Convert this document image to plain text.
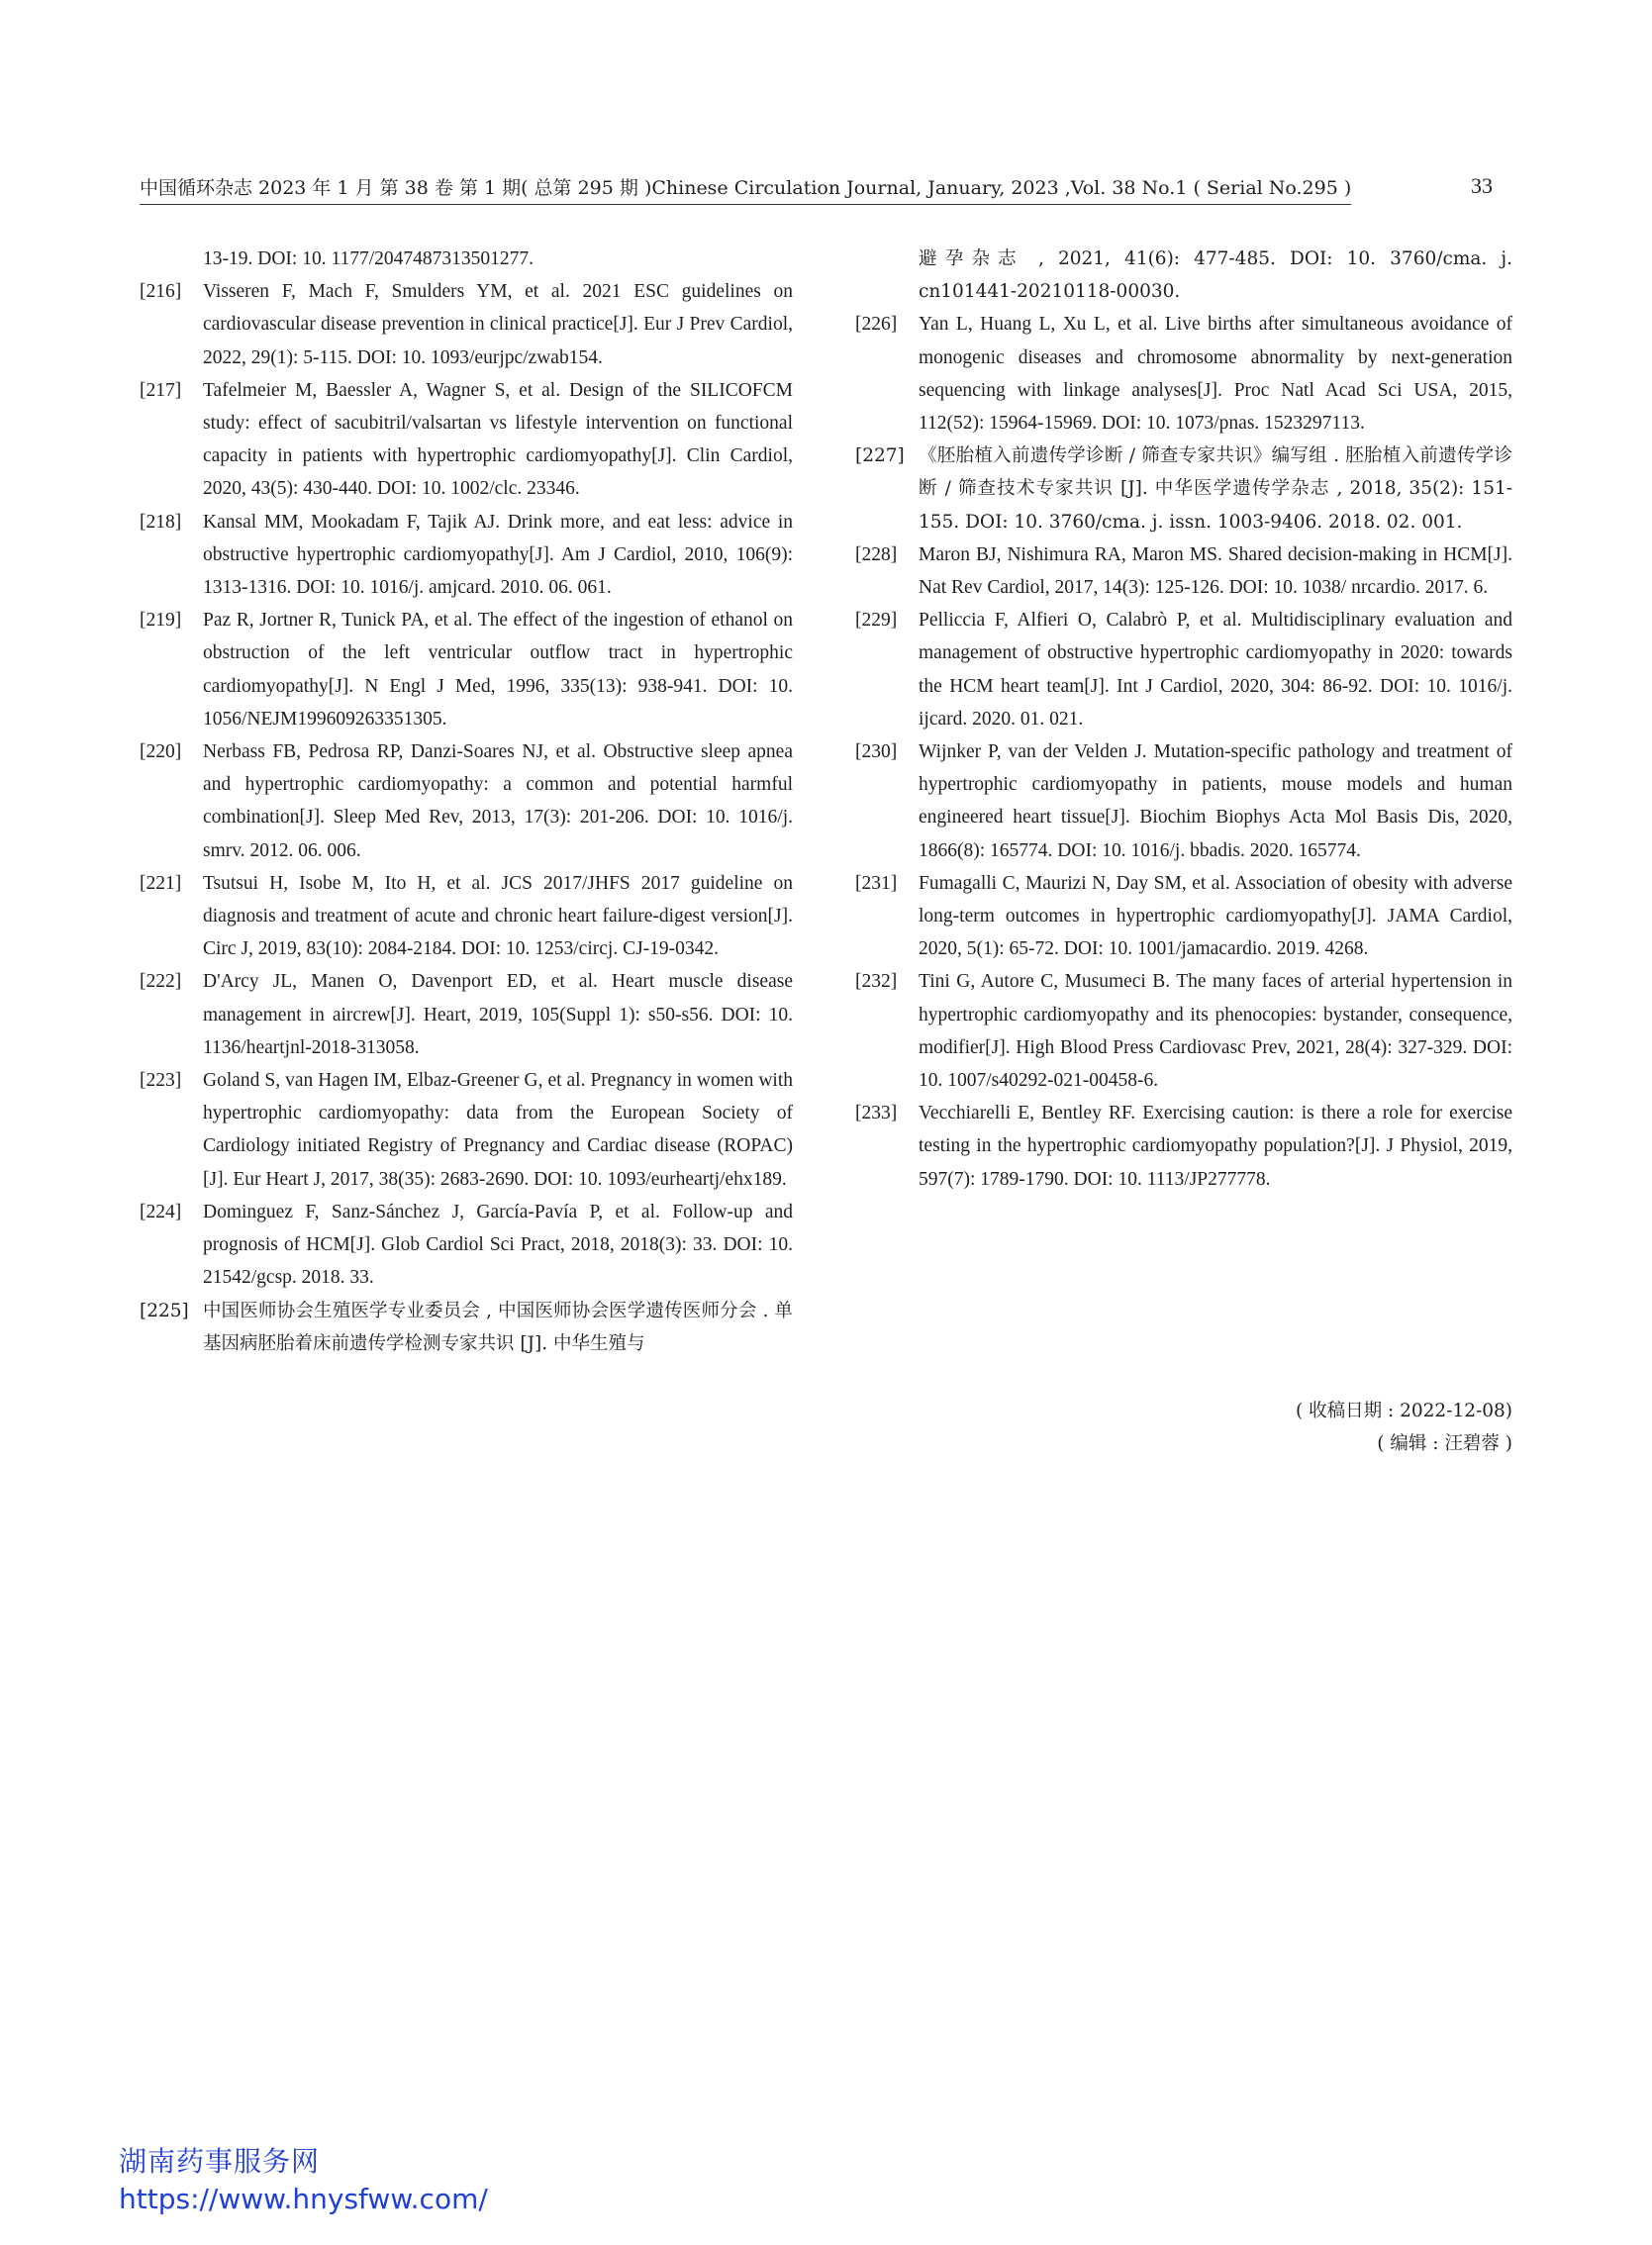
中国循环杂志 2023 年 1 月 第 38 卷 第 1 期( 总第 295 期 )Chinese Circulation Journal, January, 2023 ,Vol. 38 No.1 ( Serial No.295 )	33
13-19. DOI: 10. 1177/2047487313501277.
[216] Visseren F, Mach F, Smulders YM, et al. 2021 ESC guidelines on cardiovascular disease prevention in clinical practice[J]. Eur J Prev Cardiol, 2022, 29(1): 5-115. DOI: 10. 1093/eurjpc/zwab154.
[217] Tafelmeier M, Baessler A, Wagner S, et al. Design of the SILICOFCM study: effect of sacubitril/valsartan vs lifestyle intervention on functional capacity in patients with hypertrophic cardiomyopathy[J]. Clin Cardiol, 2020, 43(5): 430-440. DOI: 10. 1002/clc. 23346.
[218] Kansal MM, Mookadam F, Tajik AJ. Drink more, and eat less: advice in obstructive hypertrophic cardiomyopathy[J]. Am J Cardiol, 2010, 106(9): 1313-1316. DOI: 10. 1016/j. amjcard. 2010. 06. 061.
[219] Paz R, Jortner R, Tunick PA, et al. The effect of the ingestion of ethanol on obstruction of the left ventricular outflow tract in hypertrophic cardiomyopathy[J]. N Engl J Med, 1996, 335(13): 938-941. DOI: 10. 1056/NEJM199609263351305.
[220] Nerbass FB, Pedrosa RP, Danzi-Soares NJ, et al. Obstructive sleep apnea and hypertrophic cardiomyopathy: a common and potential harmful combination[J]. Sleep Med Rev, 2013, 17(3): 201-206. DOI: 10. 1016/j. smrv. 2012. 06. 006.
[221] Tsutsui H, Isobe M, Ito H, et al. JCS 2017/JHFS 2017 guideline on diagnosis and treatment of acute and chronic heart failure-digest version[J]. Circ J, 2019, 83(10): 2084-2184. DOI: 10. 1253/circj. CJ-19-0342.
[222] D'Arcy JL, Manen O, Davenport ED, et al. Heart muscle disease management in aircrew[J]. Heart, 2019, 105(Suppl 1): s50-s56. DOI: 10. 1136/heartjnl-2018-313058.
[223] Goland S, van Hagen IM, Elbaz-Greener G, et al. Pregnancy in women with hypertrophic cardiomyopathy: data from the European Society of Cardiology initiated Registry of Pregnancy and Cardiac disease (ROPAC)[J]. Eur Heart J, 2017, 38(35): 2683-2690. DOI: 10. 1093/eurheartj/ehx189.
[224] Dominguez F, Sanz-Sánchez J, García-Pavía P, et al. Follow-up and prognosis of HCM[J]. Glob Cardiol Sci Pract, 2018, 2018(3): 33. DOI: 10. 21542/gcsp. 2018. 33.
[225] 中国医师协会生殖医学专业委员会 , 中国医师协会医学遗传医师分会 . 单基因病胚胎着床前遗传学检测专家共识 [J]. 中华生殖与
避孕杂志 , 2021, 41(6): 477-485. DOI: 10. 3760/cma. j. cn101441-20210118-00030.
[226] Yan L, Huang L, Xu L, et al. Live births after simultaneous avoidance of monogenic diseases and chromosome abnormality by next-generation sequencing with linkage analyses[J]. Proc Natl Acad Sci USA, 2015, 112(52): 15964-15969. DOI: 10. 1073/pnas. 1523297113.
[227] 《胚胎植入前遗传学诊断 / 筛查专家共识》编写组 . 胚胎植入前遗传学诊断 / 筛查技术专家共识 [J]. 中华医学遗传学杂志 , 2018, 35(2): 151-155. DOI: 10. 3760/cma. j. issn. 1003-9406. 2018. 02. 001.
[228] Maron BJ, Nishimura RA, Maron MS. Shared decision-making in HCM[J]. Nat Rev Cardiol, 2017, 14(3): 125-126. DOI: 10. 1038/ nrcardio. 2017. 6.
[229] Pelliccia F, Alfieri O, Calabrò P, et al. Multidisciplinary evaluation and management of obstructive hypertrophic cardiomyopathy in 2020: towards the HCM heart team[J]. Int J Cardiol, 2020, 304: 86-92. DOI: 10. 1016/j. ijcard. 2020. 01. 021.
[230] Wijnker P, van der Velden J. Mutation-specific pathology and treatment of hypertrophic cardiomyopathy in patients, mouse models and human engineered heart tissue[J]. Biochim Biophys Acta Mol Basis Dis, 2020, 1866(8): 165774. DOI: 10. 1016/j. bbadis. 2020. 165774.
[231] Fumagalli C, Maurizi N, Day SM, et al. Association of obesity with adverse long-term outcomes in hypertrophic cardiomyopathy[J]. JAMA Cardiol, 2020, 5(1): 65-72. DOI: 10. 1001/jamacardio. 2019. 4268.
[232] Tini G, Autore C, Musumeci B. The many faces of arterial hypertension in hypertrophic cardiomyopathy and its phenocopies: bystander, consequence, modifier[J]. High Blood Press Cardiovasc Prev, 2021, 28(4): 327-329. DOI: 10. 1007/s40292-021-00458-6.
[233] Vecchiarelli E, Bentley RF. Exercising caution: is there a role for exercise testing in the hypertrophic cardiomyopathy population?[J]. J Physiol, 2019, 597(7): 1789-1790. DOI: 10. 1113/JP277778.
( 收稿日期 : 2022-12-08)
( 编辑 : 汪碧蓉 )
湖南药事服务网
https://www.hnysfww.com/
